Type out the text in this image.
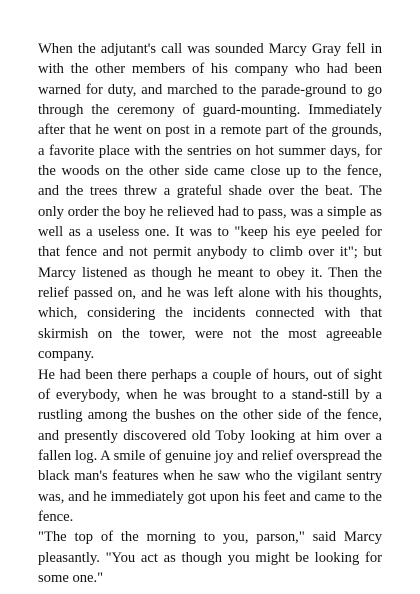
When the adjutant's call was sounded Marcy Gray fell in with the other members of his company who had been warned for duty, and marched to the parade-ground to go through the ceremony of guard-mounting. Immediately after that he went on post in a remote part of the grounds, a favorite place with the sentries on hot summer days, for the woods on the other side came close up to the fence, and the trees threw a grateful shade over the beat. The only order the boy he relieved had to pass, was a simple as well as a useless one. It was to "keep his eye peeled for that fence and not permit anybody to climb over it"; but Marcy listened as though he meant to obey it. Then the relief passed on, and he was left alone with his thoughts, which, considering the incidents connected with that skirmish on the tower, were not the most agreeable company.

He had been there perhaps a couple of hours, out of sight of everybody, when he was brought to a stand-still by a rustling among the bushes on the other side of the fence, and presently discovered old Toby looking at him over a fallen log. A smile of genuine joy and relief overspread the black man's features when he saw who the vigilant sentry was, and he immediately got upon his feet and came to the fence.

"The top of the morning to you, parson," said Marcy pleasantly. "You act as though you might be looking for some one."
